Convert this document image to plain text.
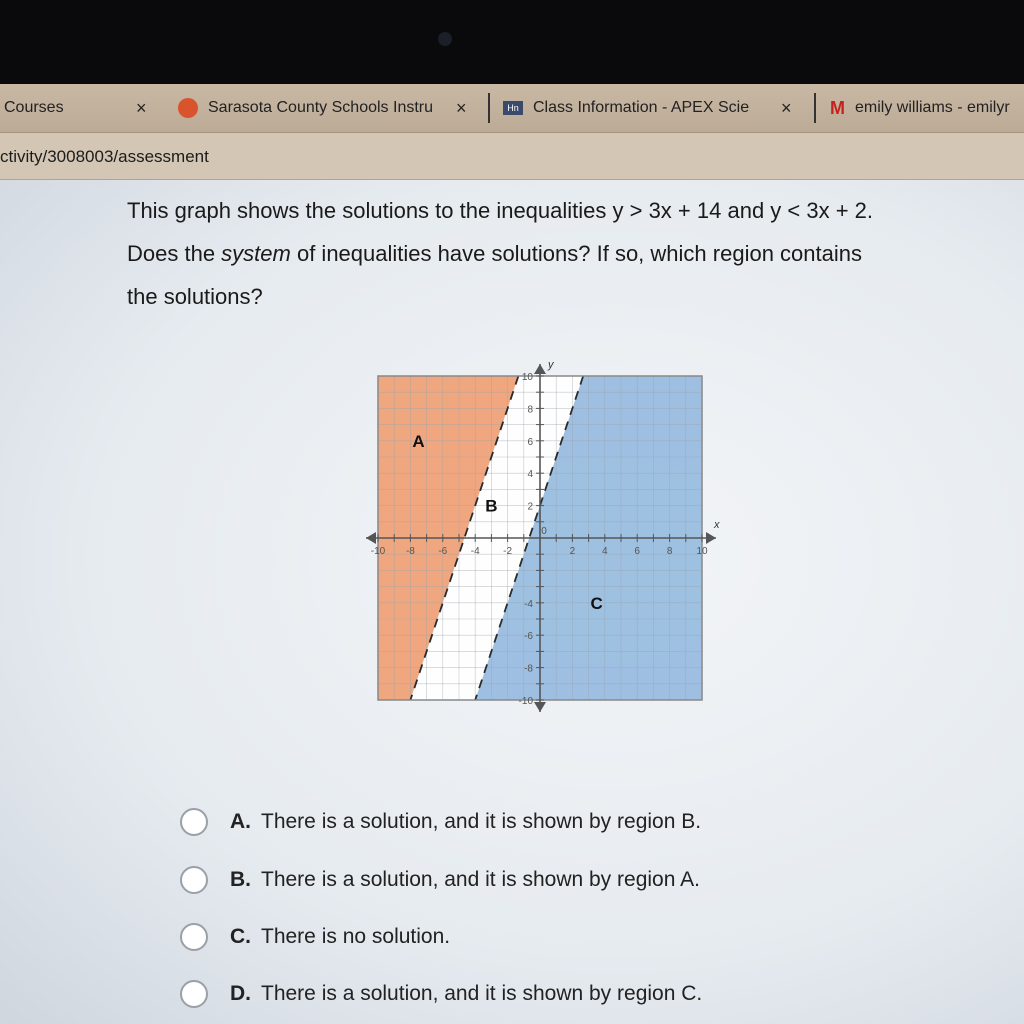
Courses	×	Sarasota County Schools Instru	×	Hn Class Information - APEX Scie	× M emily williams - emilyr
ctivity/3008003/assessment
This graph shows the solutions to the inequalities y > 3x + 14 and y < 3x + 2.
Does the system of inequalities have solutions? If so, which region contains
the solutions?
x
y
-10 -8 -6 -4 -2
0
2	4	6	8 10
10
8
6
4
2
-4
-6
-8
-10
A
B
C
A. There is a solution, and it is shown by region B.
B. There is a solution, and it is shown by region A.
C. There is no solution.
D. There is a solution, and it is shown by region C.
